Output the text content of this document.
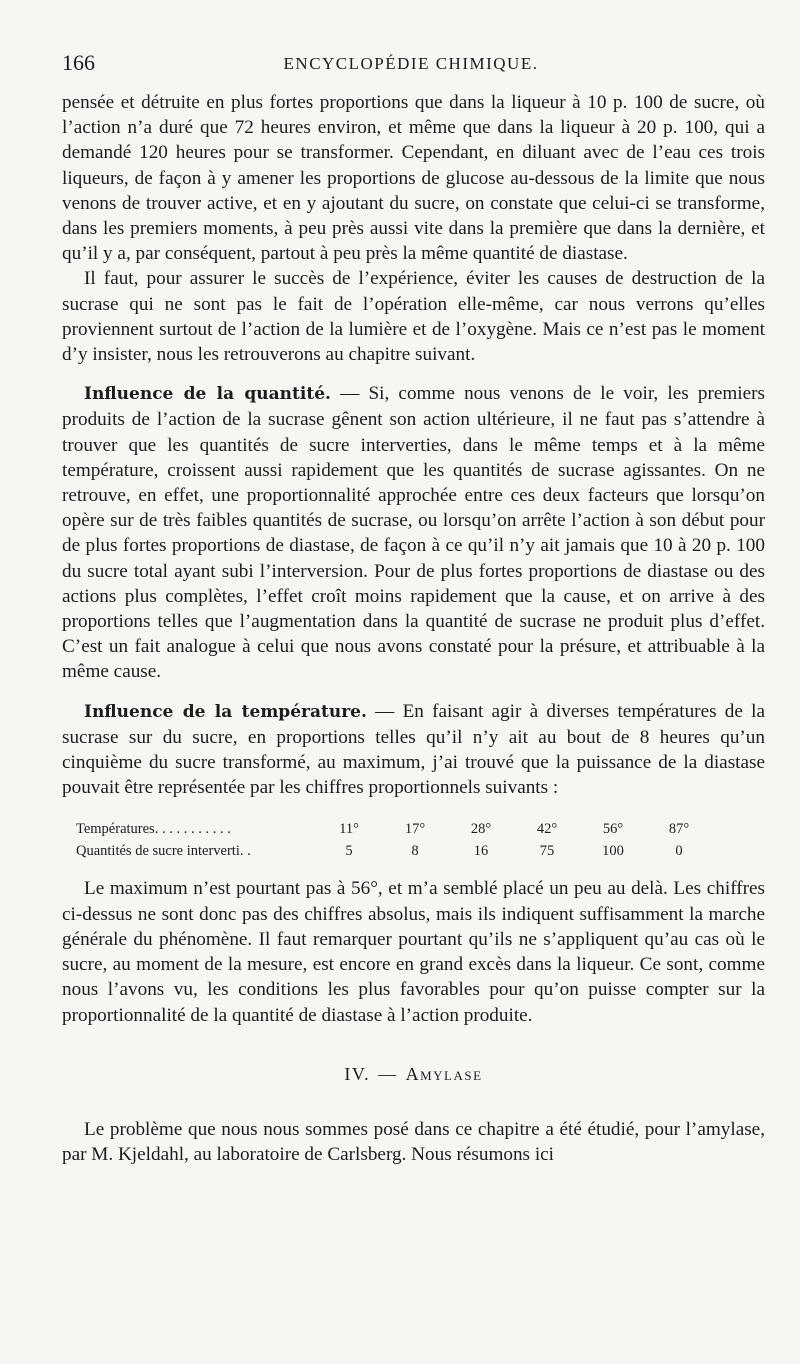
166	ENCYCLOPÉDIE CHIMIQUE.

pensée et détruite en plus fortes proportions que dans la liqueur à 10 p. 100 de sucre, où l’action n’a duré que 72 heures environ, et même que dans la liqueur à 20 p. 100, qui a demandé 120 heures pour se transformer. Cependant, en diluant avec de l’eau ces trois liqueurs, de façon à y amener les proportions de glucose au-dessous de la limite que nous venons de trouver active, et en y ajoutant du sucre, on constate que celui-ci se transforme, dans les premiers moments, à peu près aussi vite dans la première que dans la dernière, et qu’il y a, par conséquent, partout à peu près la même quantité de diastase.

Il faut, pour assurer le succès de l’expérience, éviter les causes de destruction de la sucrase qui ne sont pas le fait de l’opération elle-même, car nous verrons qu’elles proviennent surtout de l’action de la lumière et de l’oxygène. Mais ce n’est pas le moment d’y insister, nous les retrouverons au chapitre suivant.

Influence de la quantité. — Si, comme nous venons de le voir, les premiers produits de l’action de la sucrase gênent son action ultérieure, il ne faut pas s’attendre à trouver que les quantités de sucre interverties, dans le même temps et à la même température, croissent aussi rapidement que les quantités de sucrase agissantes. On ne retrouve, en effet, une proportionnalité approchée entre ces deux facteurs que lorsqu’on opère sur de très faibles quantités de sucrase, ou lorsqu’on arrête l’action à son début pour de plus fortes proportions de diastase, de façon à ce qu’il n’y ait jamais que 10 à 20 p. 100 du sucre total ayant subi l’interversion. Pour de plus fortes proportions de diastase ou des actions plus complètes, l’effet croît moins rapidement que la cause, et on arrive à des proportions telles que l’augmentation dans la quantité de sucrase ne produit plus d’effet. C’est un fait analogue à celui que nous avons constaté pour la présure, et attribuable à la même cause.

Influence de la température. — En faisant agir à diverses températures de la sucrase sur du sucre, en proportions telles qu’il n’y ait au bout de 8 heures qu’un cinquième du sucre transformé, au maximum, j’ai trouvé que la puissance de la diastase pouvait être représentée par les chiffres proportionnels suivants :

Températures. . . . . . . . . . .	11°	17°	28°	42°	56°	87°
Quantités de sucre interverti. .	5	8	16	75	100	0

Le maximum n’est pourtant pas à 56°, et m’a semblé placé un peu au delà. Les chiffres ci-dessus ne sont donc pas des chiffres absolus, mais ils indiquent suffisamment la marche générale du phénomène. Il faut remarquer pourtant qu’ils ne s’appliquent qu’au cas où le sucre, au moment de la mesure, est encore en grand excès dans la liqueur. Ce sont, comme nous l’avons vu, les conditions les plus favorables pour qu’on puisse compter sur la proportionnalité de la quantité de diastase à l’action produite.

IV. — Amylase

Le problème que nous nous sommes posé dans ce chapitre a été étudié, pour l’amylase, par M. Kjeldahl, au laboratoire de Carlsberg. Nous résumons ici
